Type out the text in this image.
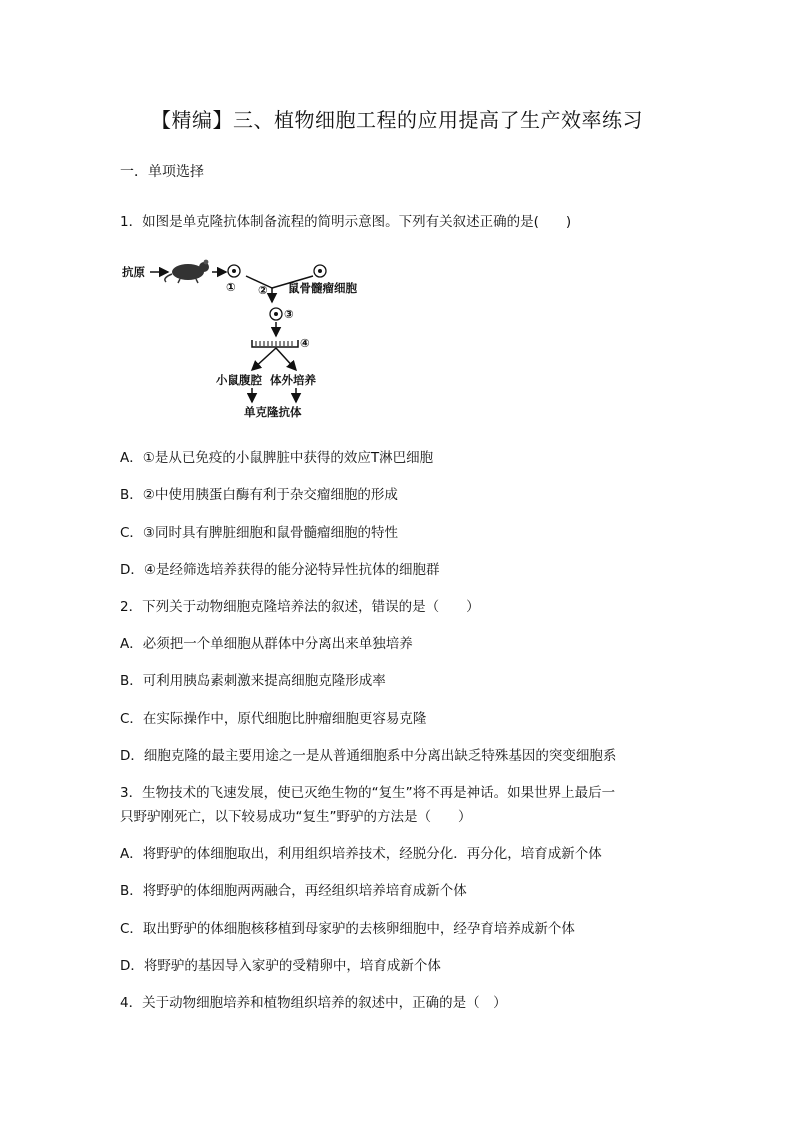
【精编】三、植物细胞工程的应用提高了生产效率练习
一．单项选择
1．如图是单克隆抗体制备流程的简明示意图。下列有关叙述正确的是(　　)
抗原
① ② 鼠骨髓瘤细胞
③
④
小鼠腹腔 体外培养
单克隆抗体
A．①是从已免疫的小鼠脾脏中获得的效应T淋巴细胞
B．②中使用胰蛋白酶有利于杂交瘤细胞的形成
C．③同时具有脾脏细胞和鼠骨髓瘤细胞的特性
D．④是经筛选培养获得的能分泌特异性抗体的细胞群
2．下列关于动物细胞克隆培养法的叙述，错误的是（　　）
A．必须把一个单细胞从群体中分离出来单独培养
B．可利用胰岛素刺激来提高细胞克隆形成率
C．在实际操作中，原代细胞比肿瘤细胞更容易克隆
D．细胞克隆的最主要用途之一是从普通细胞系中分离出缺乏特殊基因的突变细胞系
3．生物技术的飞速发展，使已灭绝生物的“复生”将不再是神话。如果世界上最后一
只野驴刚死亡，以下较易成功“复生”野驴的方法是（　　）
A．将野驴的体细胞取出，利用组织培养技术，经脱分化．再分化，培育成新个体
B．将野驴的体细胞两两融合，再经组织培养培育成新个体
C．取出野驴的体细胞核移植到母家驴的去核卵细胞中，经孕育培养成新个体
D．将野驴的基因导入家驴的受精卵中，培育成新个体
4．关于动物细胞培养和植物组织培养的叙述中，正确的是（　）
